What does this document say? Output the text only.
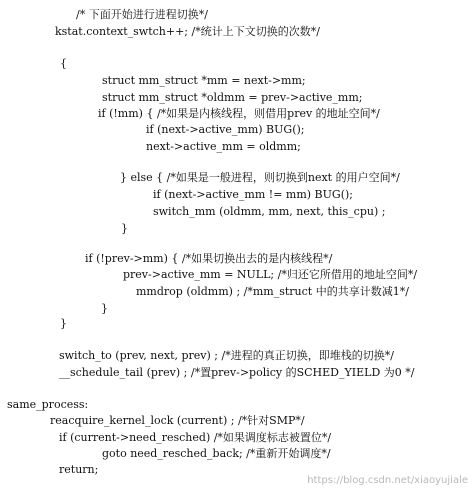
/* 下面开始进行进程切换*/
kstat.context_swtch++; /*统计上下文切换的次数*/
{
struct mm_struct *mm = next->mm;
struct mm_struct *oldmm = prev->active_mm;
if (!mm) { /*如果是内核线程，则借用prev 的地址空间*/
if (next->active_mm) BUG();
next->active_mm = oldmm;
} else { /*如果是一般进程，则切换到next 的用户空间*/
if (next->active_mm != mm) BUG();
switch_mm (oldmm, mm, next, this_cpu) ;
}
if (!prev->mm) { /*如果切换出去的是内核线程*/
prev->active_mm = NULL; /*归还它所借用的地址空间*/
mmdrop (oldmm) ; /*mm_struct 中的共享计数减1*/
}
}
switch_to (prev, next, prev) ; /*进程的真正切换，即堆栈的切换*/
__schedule_tail (prev) ; /*置prev->policy 的SCHED_YIELD 为0 */
same_process:
reacquire_kernel_lock (current) ; /*针对SMP*/
if (current->need_resched) /*如果调度标志被置位*/
goto need_resched_back; /*重新开始调度*/
return;
https://blog.csdn.net/xiaoyujiale
